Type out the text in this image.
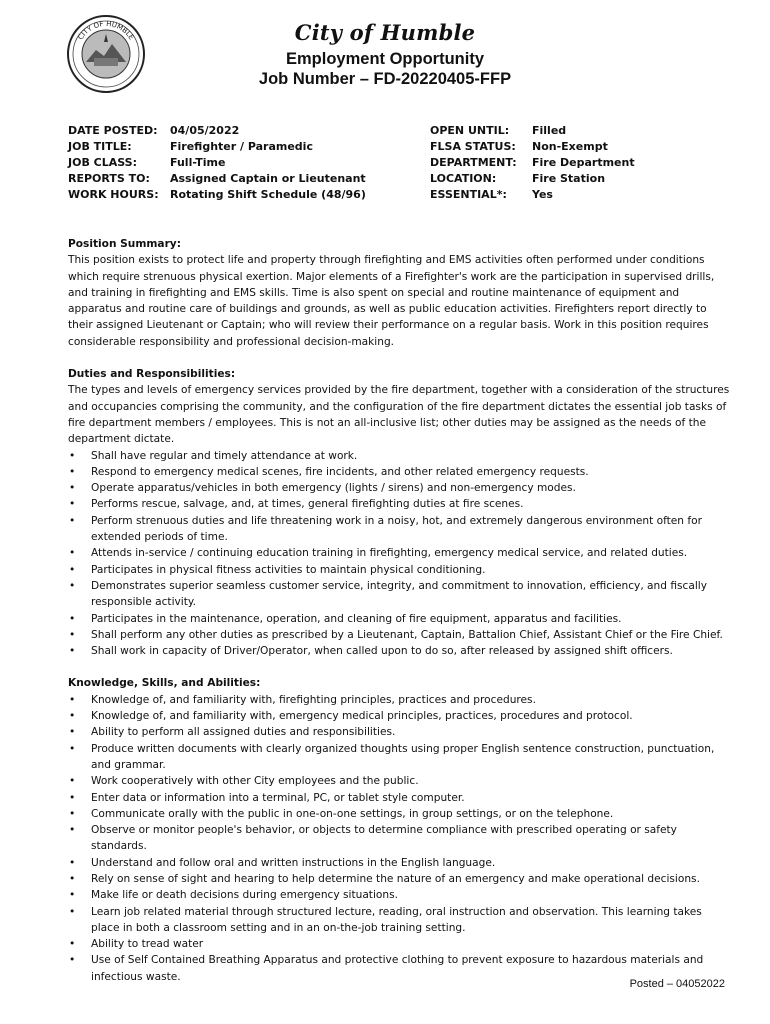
CITY OF HUMBLE	City of Humble
Employment Opportunity
Job Number – FD-20220405-FFP
DATE POSTED:
JOB TITLE:
JOB CLASS:
REPORTS TO:
WORK HOURS:
04/05/2022
Firefighter / Paramedic
Full-Time
Assigned Captain or Lieutenant
Rotating Shift Schedule (48/96)
OPEN UNTIL:
FLSA STATUS:
DEPARTMENT:
LOCATION:
ESSENTIAL*:
Filled
Non-Exempt
Fire Department
Fire Station
Yes
Position Summary:

This position exists to protect life and property through firefighting and EMS activities often performed under conditions which require strenuous physical exertion. Major elements of a Firefighter's work are the participation in supervised drills, and training in firefighting and EMS skills. Time is also spent on special and routine maintenance of equipment and apparatus and routine care of buildings and grounds, as well as public education activities. Firefighters report directly to their assigned Lieutenant or Captain; who will review their performance on a regular basis. Work in this position requires considerable responsibility and professional decision-making.

Duties and Responsibilities:

The types and levels of emergency services provided by the fire department, together with a consideration of the structures and occupancies comprising the community, and the configuration of the fire department dictates the essential job tasks of fire department members / employees. This is not an all-inclusive list; other duties may be assigned as the needs of the department dictate.

• Shall have regular and timely attendance at work.
• Respond to emergency medical scenes, fire incidents, and other related emergency requests.
• Operate apparatus/vehicles in both emergency (lights / sirens) and non-emergency modes.
• Performs rescue, salvage, and, at times, general firefighting duties at fire scenes.
• Perform strenuous duties and life threatening work in a noisy, hot, and extremely dangerous environment often for extended periods of time.
• Attends in-service / continuing education training in firefighting, emergency medical service, and related duties.
• Participates in physical fitness activities to maintain physical conditioning.
• Demonstrates superior seamless customer service, integrity, and commitment to innovation, efficiency, and fiscally responsible activity.
• Participates in the maintenance, operation, and cleaning of fire equipment, apparatus and facilities.
• Shall perform any other duties as prescribed by a Lieutenant, Captain, Battalion Chief, Assistant Chief or the Fire Chief.
• Shall work in capacity of Driver/Operator, when called upon to do so, after released by assigned shift officers.
Knowledge, Skills, and Abilities:
• Knowledge of, and familiarity with, firefighting principles, practices and procedures.
• Knowledge of, and familiarity with, emergency medical principles, practices, procedures and protocol.
• Ability to perform all assigned duties and responsibilities.
• Produce written documents with clearly organized thoughts using proper English sentence construction, punctuation, and grammar.
• Work cooperatively with other City employees and the public.
• Enter data or information into a terminal, PC, or tablet style computer.
• Communicate orally with the public in one-on-one settings, in group settings, or on the telephone.
• Observe or monitor people's behavior, or objects to determine compliance with prescribed operating or safety standards.
• Understand and follow oral and written instructions in the English language.
• Rely on sense of sight and hearing to help determine the nature of an emergency and make operational decisions.
• Make life or death decisions during emergency situations.
• Learn job related material through structured lecture, reading, oral instruction and observation. This learning takes place in both a classroom setting and in an on-the-job training setting.
• Ability to tread water
• Use of Self Contained Breathing Apparatus and protective clothing to prevent exposure to hazardous materials and infectious waste.
Posted – 04052022
